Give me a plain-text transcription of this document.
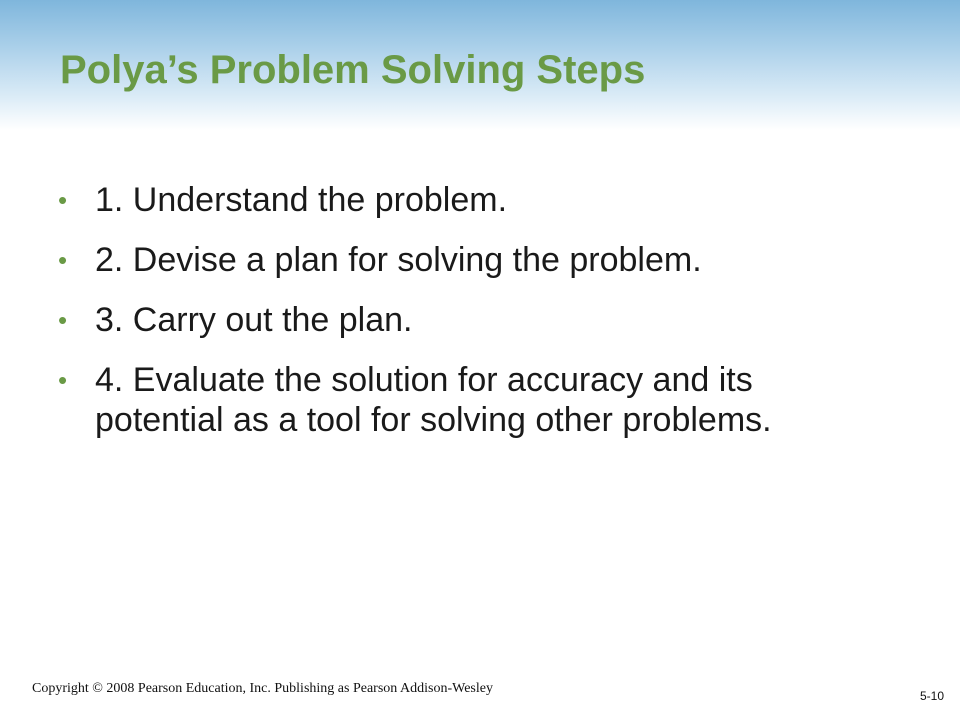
Polya’s Problem Solving Steps
• 1. Understand the problem.
• 2. Devise a plan for solving the problem.
• 3. Carry out the plan.
• 4. Evaluate the solution for accuracy and its potential as a tool for solving other problems.
Copyright © 2008 Pearson Education, Inc. Publishing as Pearson Addison-Wesley	5-10
